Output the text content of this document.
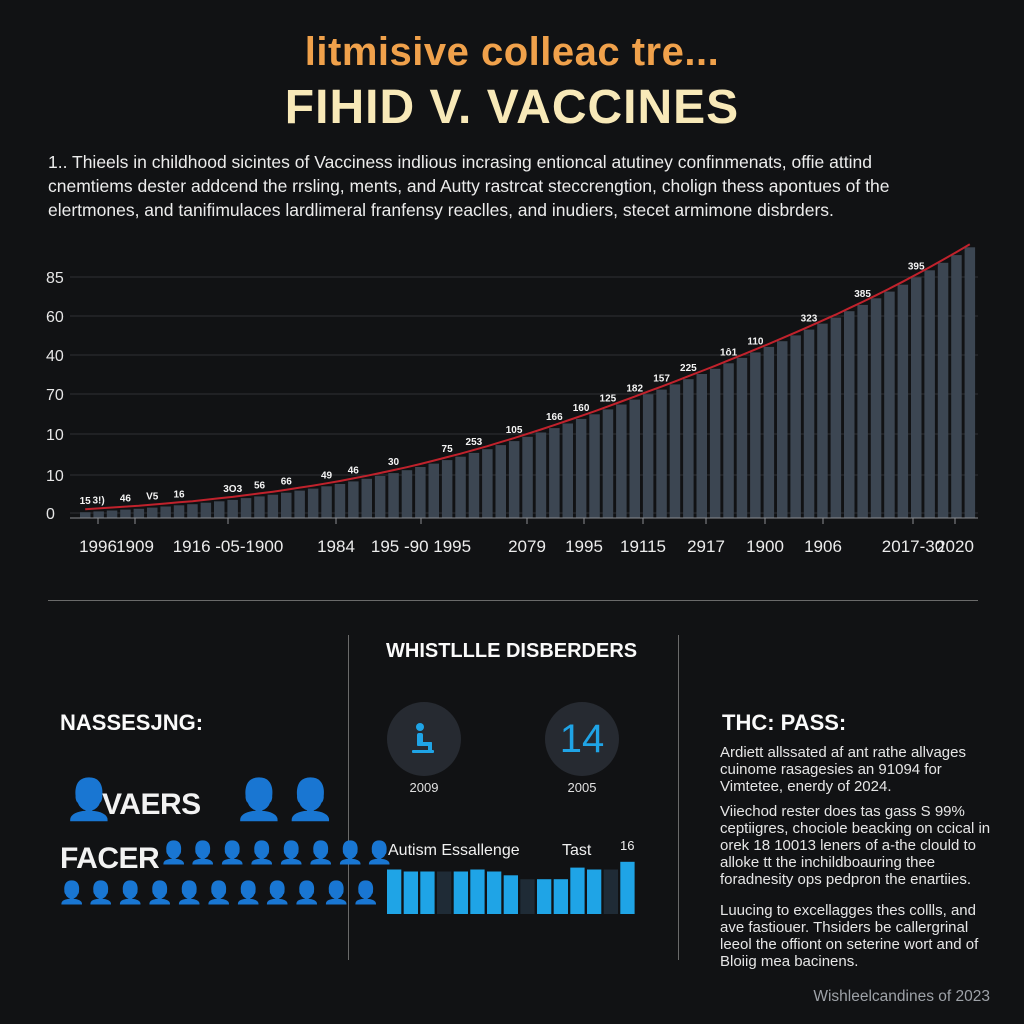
litmisive colleac tre...
FIHID V. VACCINES

1.. Thieels in childhood sicintes of Vacciness indlious incrasing entioncal atutiney confinmenats, offie attind

cnemtiems dester addcend the rrsling, ments, and Autty rastrcat steccrengtion, cholign thess apontues of the

elertmones, and tanifimulaces lardlimeral franfensy reaclles, and inudiers, stecet armimone disbrders.

0
10
10
70
40
60
85
15 3!) 46 V5 16	3O3 56 66
49 46
30
75
253
105
166
160
125
182
157
225
1ô1
110
323
385
395
1996 1909 1916 -05-1900 1984 195 -90 1995 2079 1995 19115 2917 1900 1906 2017-30
2020
NASSESJNG:
👤
VAERS 👤 👤
FACER 👤 👤 👤 👤 👤 👤 👤 👤
👤 👤 👤 👤 👤 👤 👤 👤 👤 👤 👤
WHISTLLLE DISBERDERS
2009
14
2005
Autism Essallenge	Tast 16
THC: PASS:

Ardiett allssated af ant rathe allvages cuinome rasagesies an 91094 for Vimtetee, enerdy of 2024.

Viiechod rester does tas gass S 99% ceptiigres, chociole beacking on ccical in orek 18 10013 leners of a-the clould to alloke tt the inchildboauring thee foradnesity ops pedpron the enartiies.

Luucing to excellagges thes collls, and ave fastiouer. Thsiders be callergrinal leeol the offiont on seterine wort and of Bloiig mea bacinens.

Wishleelcandines of 2023
